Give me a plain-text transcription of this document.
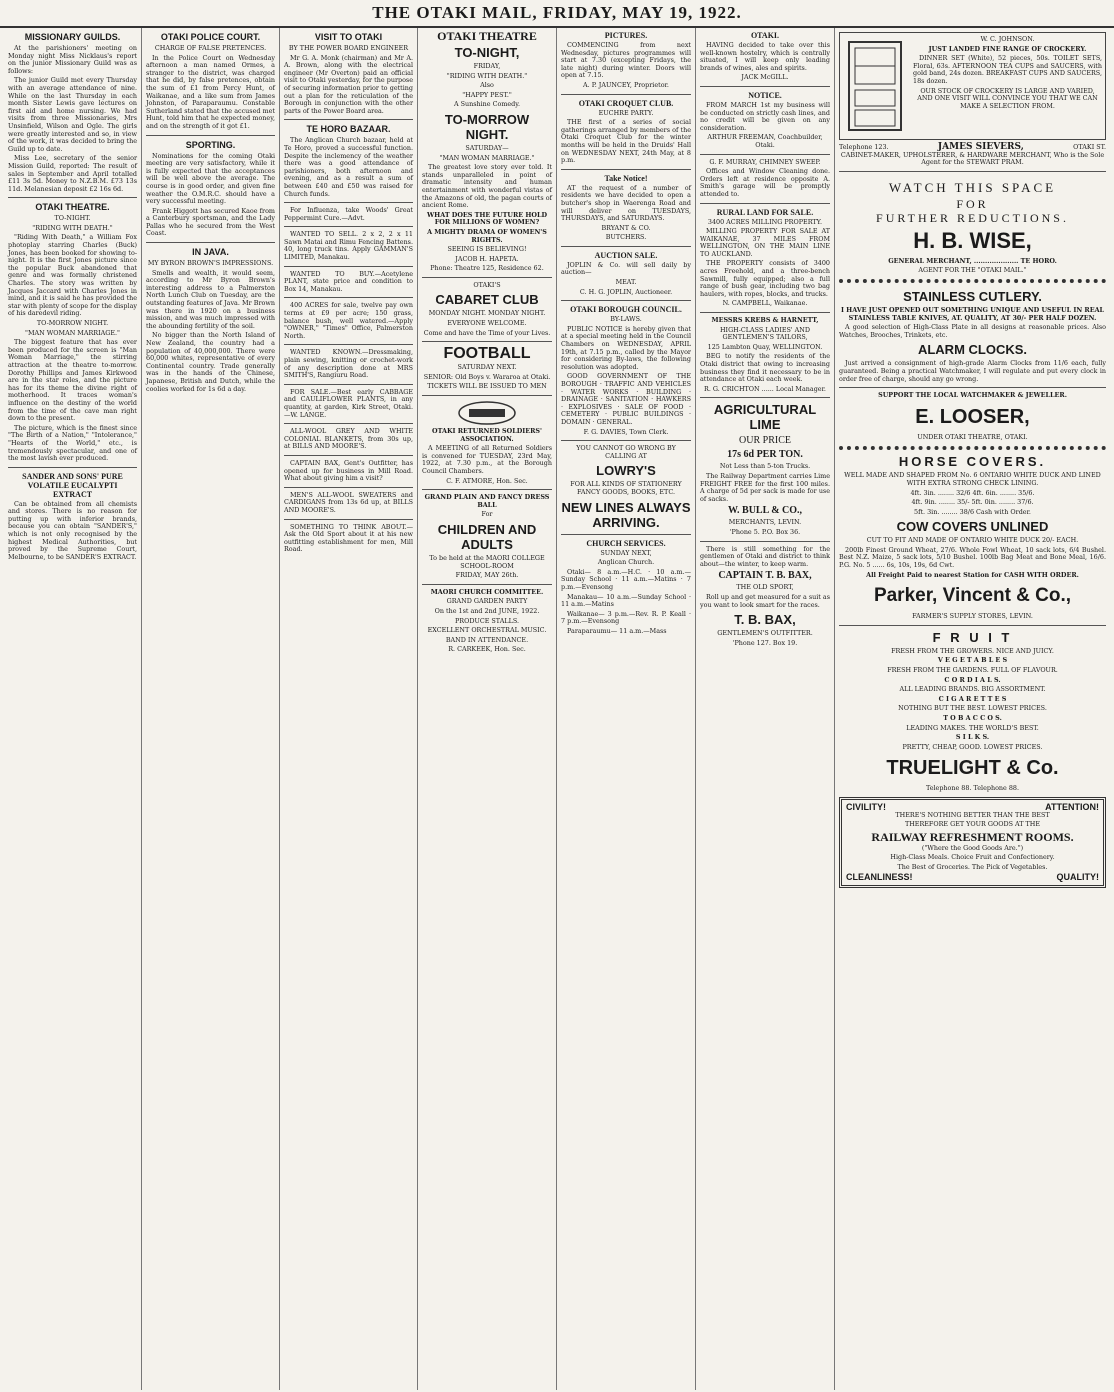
THE OTAKI MAIL, FRIDAY, MAY 19, 1922.
MISSIONARY GUILDS.

At the parishioners' meeting on Monday night Miss Nicklaus's report on the junior Missionary Guild was as follows:

The junior Guild met every Thursday with an average attendance of nine. While on the last Thursday in each month Sister Lewis gave lectures on first aid and home nursing. We had visits from three Missionaries, Mrs Unsinfield, Wilson and Ogle. The girls were greatly interested and so, in view of the work, it was decided to bring the Guild up to date.

Miss Lee, secretary of the senior Mission Guild, reported: The result of sales in September and April totalled £11 3s 5d. Money to N.Z.B.M. £73 13s 11d. Melanesian deposit £2 16s 6d.

OTAKI THEATRE.

TO-NIGHT.

"RIDING WITH DEATH."

"Riding With Death," a William Fox photoplay starring Charles (Buck) Jones, has been booked for showing to-night. It is the first Jones picture since the popular Buck abandoned that genre and was formally christened Charles. The story was written by Jacques Jaccard with Charles Jones in mind, and it is said he has provided the star with plenty of scope for the display of his daredevil riding.

TO-MORROW NIGHT.

"MAN WOMAN MARRIAGE."

The biggest feature that has ever been produced for the screen is "Man Woman Marriage," the stirring attraction at the theatre to-morrow. Dorothy Phillips and James Kirkwood are in the star roles, and the picture has for its theme the divine right of motherhood. It traces woman's influence on the destiny of the world from the time of the cave man right down to the present.

The picture, which is the finest since "The Birth of a Nation," "Intolerance," "Hearts of the World," etc., is tremendously spectacular, and one of the most lavish ever produced.

SANDER AND SONS' PURE VOLATILE EUCALYPTI EXTRACT

Can be obtained from all chemists and stores. There is no reason for putting up with inferior brands, because you can obtain "SANDER'S," which is not only recognised by the highest Medical Authorities, but proved by the Supreme Court, Melbourne, to be SANDER'S EXTRACT.

OTAKI POLICE COURT.

CHARGE OF FALSE PRETENCES.

In the Police Court on Wednesday afternoon a man named Ormes, a stranger to the district, was charged that he did, by false pretences, obtain the sum of £1 from Percy Hunt, of Waikanae, and a like sum from James Johnston, of Paraparaumu. Constable Sutherland stated that the accused met Hunt, told him that he expected money, and on the strength of it got £1.

SPORTING.

Nominations for the coming Otaki meeting are very satisfactory, while it is fully expected that the acceptances will be well above the average. The course is in good order, and given fine weather the O.M.R.C. should have a very successful meeting.

Frank Higgott has secured Kaoe from a Canterbury sportsman, and the Lady Pallas who he secured from the West Coast.

IN JAVA.

MY BYRON BROWN'S IMPRESSIONS.

Smells and wealth, it would seem, according to Mr Byron Brown's interesting address to a Palmerston North Lunch Club on Tuesday, are the outstanding features of Java. Mr Brown was there in 1920 on a business mission, and was much impressed with the abounding fertility of the soil.

No bigger than the North Island of New Zealand, the country had a population of 40,000,000. There were 60,000 whites, representative of every Continental country. Trade generally was in the hands of the Chinese, Japanese, British and Dutch, while the coolies worked for 1s 6d a day.

VISIT TO OTAKI

BY THE POWER BOARD ENGINEER

Mr G. A. Monk (chairman) and Mr A. A. Brown, along with the electrical engineer (Mr Overton) paid an official visit to Otaki yesterday, for the purpose of securing information prior to getting out a plan for the reticulation of the Borough in conjunction with the other parts of the Power Board area.

TE HORO BAZAAR.

The Anglican Church bazaar, held at Te Horo, proved a successful function. Despite the inclemency of the weather there was a good attendance of parishioners, both afternoon and evening, and as a result a sum of between £40 and £50 was raised for Church funds.

For Influenza, take Woods' Great Peppermint Cure.—Advt.

WANTED TO SELL. 2 x 2, 2 x 11 Sawn Matai and Rimu Fencing Battens. 40, long truck tins. Apply GAMMAN'S LIMITED, Manakau.

WANTED TO BUY.—Acetylene PLANT, state price and condition to Box 14, Manakau.

400 ACRES for sale, twelve pay own terms at £9 per acre; 150 grass, balance bush, well watered.—Apply "OWNER," "Times" Office, Palmerston North.

WANTED KNOWN.—Dressmaking, plain sewing, knitting or crochet-work of any description done at MRS SMITH'S, Rangiuru Road.

FOR SALE.—Best early CABBAGE and CAULIFLOWER PLANTS, in any quantity, at garden, Kirk Street, Otaki.—W. LANGE.

ALL-WOOL GREY AND WHITE COLONIAL BLANKETS, from 30s up, at BILLS AND MOORE'S.

CAPTAIN BAX, Gent's Outfitter, has opened up for business in Mill Road. What about giving him a visit?

MEN'S ALL-WOOL SWEATERS and CARDIGANS from 13s 6d up, at BILLS AND MOORE'S.

SOMETHING TO THINK ABOUT.—Ask the Old Sport about it at his new outfitting establishment for men, Mill Road.

OTAKI THEATRE
TO-NIGHT,

FRIDAY,

"RIDING WITH DEATH."

Also

"HAPPY PEST."

A Sunshine Comedy.

TO-MORROW NIGHT.

SATURDAY—

"MAN WOMAN MARRIAGE."

The greatest love story ever told. It stands unparalleled in point of dramatic intensity and human entertainment with wonderful vistas of the Amazons of old, the pagan courts of ancient Rome.

WHAT DOES THE FUTURE HOLD FOR MILLIONS OF WOMEN?

A MIGHTY DRAMA OF WOMEN'S RIGHTS.

SEEING IS BELIEVING!

JACOB H. HAPETA.

Phone: Theatre 125, Residence 62.

OTAKI'S

CABARET CLUB

MONDAY NIGHT. MONDAY NIGHT.

EVERYONE WELCOME.

Come and have the Time of your Lives.

FOOTBALL

SATURDAY NEXT.

SENIOR: Old Boys v. Wararoa at Otaki.

TICKETS WILL BE ISSUED TO MEN

OTAKI RETURNED SOLDIERS' ASSOCIATION.

A MEETING of all Returned Soldiers is convened for TUESDAY, 23rd May, 1922, at 7.30 p.m., at the Borough Council Chambers.

C. F. ATMORE, Hon. Sec.

GRAND PLAIN AND FANCY DRESS BALL

For

CHILDREN AND ADULTS

To be held at the MAORI COLLEGE SCHOOL-ROOM

FRIDAY, MAY 26th.

MAORI CHURCH COMMITTEE.

GRAND GARDEN PARTY

On the 1st and 2nd JUNE, 1922.

PRODUCE STALLS.

EXCELLENT ORCHESTRAL MUSIC.

BAND IN ATTENDANCE.

R. CARKEEK, Hon. Sec.

PICTURES.

COMMENCING from next Wednesday, pictures programmes will start at 7.30 (excepting Fridays, the late night) during winter. Doors will open at 7.15.

A. P. JAUNCEY, Proprietor.

OTAKI CROQUET CLUB.

EUCHRE PARTY.

THE first of a series of social gatherings arranged by members of the Otaki Croquet Club for the winter months will be held in the Druids' Hall on WEDNESDAY NEXT, 24th May, at 8 p.m.

Take Notice!

AT the request of a number of residents we have decided to open a butcher's shop in Waerenga Road and will deliver on TUESDAYS, THURSDAYS, and SATURDAYS.

BRYANT & CO.

BUTCHERS.

AUCTION SALE.

JOPLIN & Co. will sell daily by auction—

MEAT.

C. H. G. JOPLIN, Auctioneer.

OTAKI BOROUGH COUNCIL.

BY-LAWS.

PUBLIC NOTICE is hereby given that at a special meeting held in the Council Chambers on WEDNESDAY, APRIL 19th, at 7.15 p.m., called by the Mayor for considering By-laws, the following resolution was adopted.

GOOD GOVERNMENT OF THE BOROUGH · TRAFFIC AND VEHICLES · WATER WORKS · BUILDING · DRAINAGE · SANITATION · HAWKERS · EXPLOSIVES · SALE OF FOOD · CEMETERY · PUBLIC BUILDINGS · DOMAIN · GENERAL.

F. G. DAVIES, Town Clerk.

YOU CANNOT GO WRONG BY CALLING AT

LOWRY'S

FOR ALL KINDS OF STATIONERY FANCY GOODS, BOOKS, ETC.

NEW LINES ALWAYS ARRIVING.
CHURCH SERVICES.

SUNDAY NEXT,

Anglican Church.

Otaki— 8 a.m.—H.C. · 10 a.m.—Sunday School · 11 a.m.—Matins · 7 p.m.—Evensong

Manakau— 10 a.m.—Sunday School · 11 a.m.—Matins

Waikanae— 3 p.m.—Rev. R. P. Keall · 7 p.m.—Evensong

Paraparaumu— 11 a.m.—Mass

OTAKI.

HAVING decided to take over this well-known hostelry, which is centrally situated, I will keep only leading brands of wines, ales and spirits.

JACK McGILL.

NOTICE.

FROM MARCH 1st my business will be conducted on strictly cash lines, and no credit will be given on any consideration.

ARTHUR FREEMAN, Coachbuilder, Otaki.

G. F. MURRAY, CHIMNEY SWEEP.

Offices and Window Cleaning done. Orders left at residence opposite A. Smith's garage will be promptly attended to.

RURAL LAND FOR SALE.

3400 ACRES MILLING PROPERTY.

MILLING PROPERTY FOR SALE AT WAIKANAE, 37 MILES FROM WELLINGTON, ON THE MAIN LINE TO AUCKLAND.

THE PROPERTY consists of 3400 acres Freehold, and a three-bench Sawmill, fully equipped; also a full range of bush gear, including two bag haulers, with ropes, blocks, and trucks.

N. CAMPBELL, Waikanae.

MESSRS KREBS & HARNETT,

HIGH-CLASS LADIES' AND GENTLEMEN'S TAILORS,

125 Lambton Quay, WELLINGTON.

BEG to notify the residents of the Otaki district that owing to increasing business they find it necessary to be in attendance at Otaki each week.

R. G. CRICHTON ...... Local Manager.

AGRICULTURAL LIME
OUR PRICE
17s 6d PER TON.

Not Less than 5-ton Trucks.

The Railway Department carries Lime FREIGHT FREE for the first 100 miles. A charge of 5d per sack is made for use of sacks.

W. BULL & CO.,

MERCHANTS, LEVIN.

'Phone 5. P.O. Box 36.

There is still something for the gentlemen of Otaki and district to think about—the winter, to keep warm.

CAPTAIN T. B. BAX,

THE OLD SPORT,

Roll up and get measured for a suit as you want to look smart for the races.

T. B. BAX,

GENTLEMEN'S OUTFITTER.

'Phone 127. Box 19.

W. C. JOHNSON.

JUST LANDED FINE RANGE OF CROCKERY.

DINNER SET (White), 52 pieces, 50s. TOILET SETS, Floral, 63s. AFTERNOON TEA CUPS and SAUCERS, with gold band, 24s dozen. BREAKFAST CUPS AND SAUCERS, 18s dozen.

OUR STOCK OF CROCKERY IS LARGE AND VARIED, AND ONE VISIT WILL CONVINCE YOU THAT WE CAN MAKE A SELECTION FROM.

Telephone 123.	JAMES SIEVERS,	OTAKI ST.

CABINET-MAKER, UPHOLSTERER, & HARDWARE MERCHANT, Who is the Sole Agent for the STEWART PRAM.

WATCH THIS SPACE
FOR
FURTHER REDUCTIONS.
H. B. WISE,

GENERAL MERCHANT, .................... TE HORO.

AGENT FOR THE "OTAKI MAIL."

STAINLESS CUTLERY.

I HAVE JUST OPENED OUT SOMETHING UNIQUE AND USEFUL IN REAL STAINLESS TABLE KNIVES, AT. QUALITY, AT 30/- PER HALF DOZEN.

A good selection of High-Class Plate in all designs at reasonable prices. Also Watches, Brooches, Trinkets, etc.

ALARM CLOCKS.

Just arrived a consignment of high-grade Alarm Clocks from 11/6 each, fully guaranteed. Being a practical Watchmaker, I will regulate and put every clock in order free of charge, should any go wrong.

SUPPORT THE LOCAL WATCHMAKER & JEWELLER.

E. LOOSER,

UNDER OTAKI THEATRE, OTAKI.

HORSE COVERS.

WELL MADE AND SHAPED FROM No. 6 ONTARIO WHITE DUCK AND LINED WITH EXTRA STRONG CHECK LINING.

4ft. 3in. ........ 32/6 4ft. 6in. ........ 35/6.

4ft. 9in. ........ 35/- 5ft. 0in. ........ 37/6.

5ft. 3in. ........ 38/6 Cash with Order.

COW COVERS UNLINED

CUT TO FIT AND MADE OF ONTARIO WHITE DUCK 20/- EACH.

200lb Finest Ground Wheat, 27/6. Whole Fowl Wheat, 10 sack lots, 6/4 Bushel. Best N.Z. Maize, 5 sack lots, 5/10 Bushel. 100lb Bag Meat and Bone Meal, 16/6. P.G. No. 5 ...... 6s, 10s, 19s, 6d Cwt.

All Freight Paid to nearest Station for CASH WITH ORDER.

Parker, Vincent & Co.,

FARMER'S SUPPLY STORES, LEVIN.

F R U I T

FRESH FROM THE GROWERS. NICE AND JUICY.

V E G E T A B L E S

FRESH FROM THE GARDENS. FULL OF FLAVOUR.

C O R D I A L S.

ALL LEADING BRANDS. BIG ASSORTMENT.

C I G A R E T T E S

NOTHING BUT THE BEST. LOWEST PRICES.

T O B A C C O S.

LEADING MAKES. THE WORLD'S BEST.

S I L K S.

PRETTY, CHEAP, GOOD. LOWEST PRICES.

TRUELIGHT & Co.

Telephone 88. Telephone 88.

CIVILITY!	ATTENTION!

THERE'S NOTHING BETTER THAN THE BEST

THEREFORE GET YOUR GOODS AT THE

RAILWAY REFRESHMENT ROOMS.

("Where the Good Goods Are.")

High-Class Meals. Choice Fruit and Confectionery.

The Best of Groceries. The Pick of Vegetables.

CLEANLINESS!	QUALITY!
